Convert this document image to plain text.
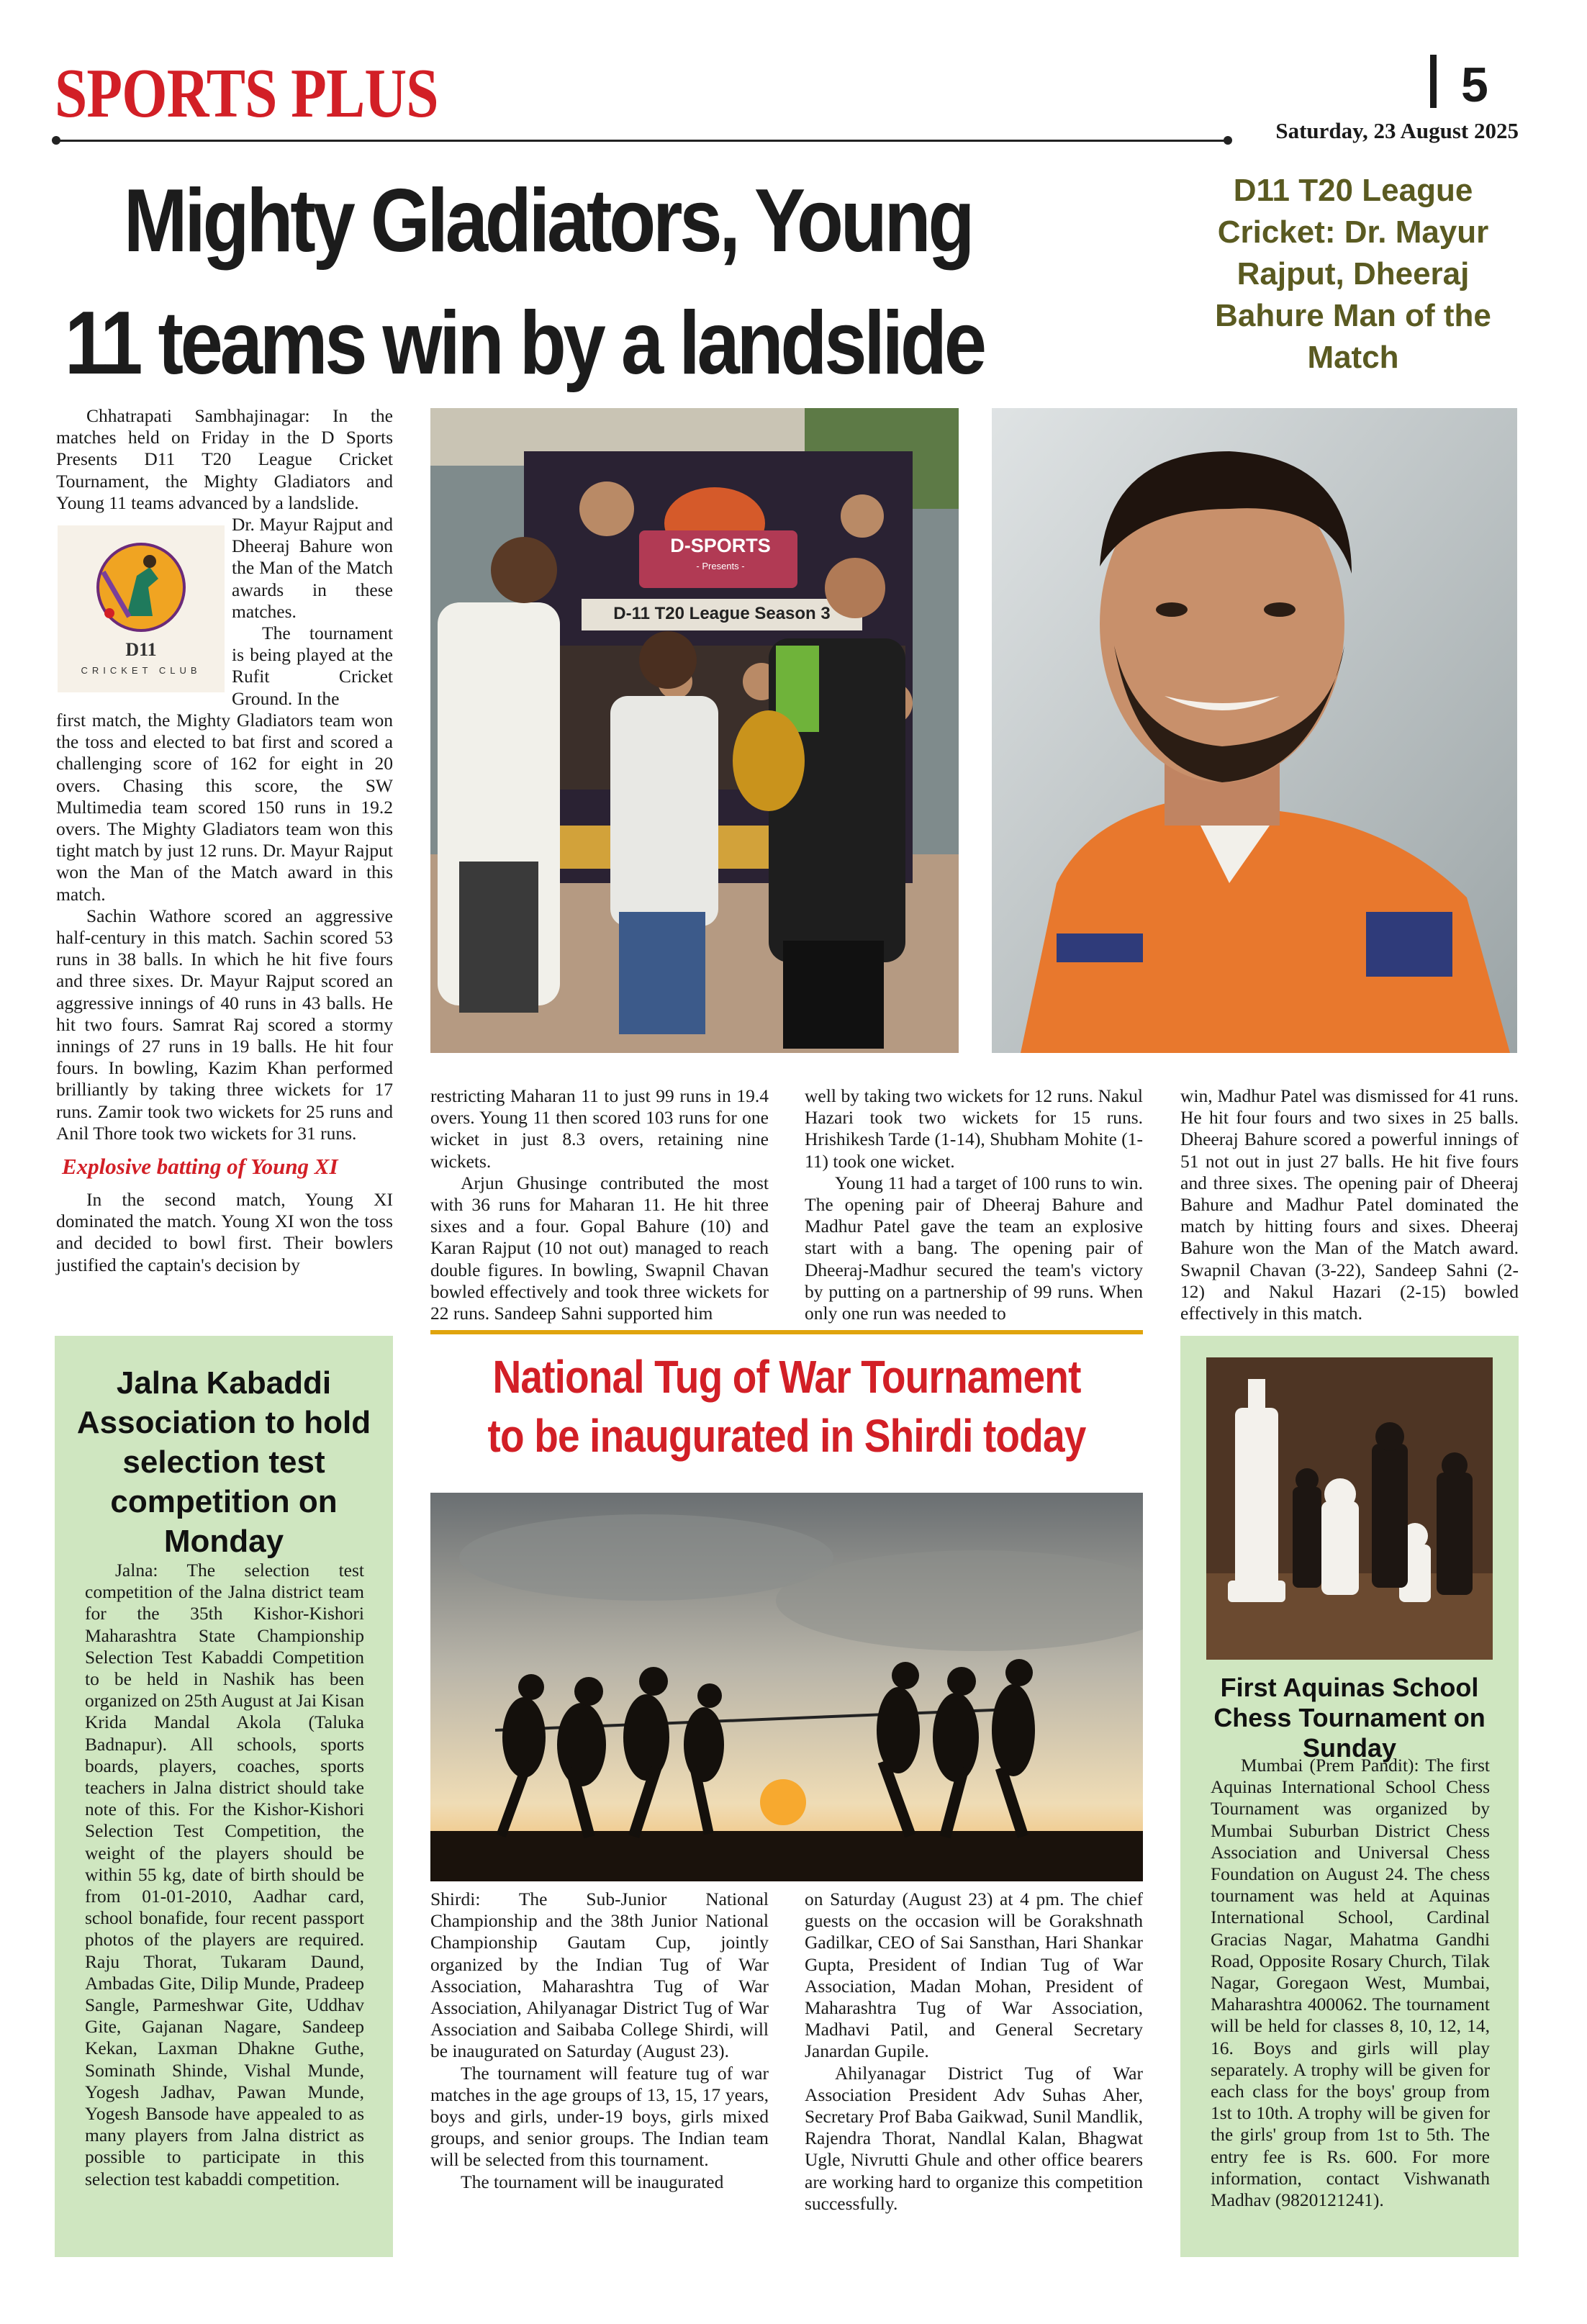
SPORTS PLUS	5
Saturday, 23 August 2025
Mighty Gladiators, Young
11 teams win by a landslide
D11 T20 League Cricket: Dr. Mayur Rajput, Dheeraj Bahure Man of the Match

Chhatrapati Sambhajinagar: In the matches held on Friday in the D Sports Presents D11 T20 League Cricket Tournament, the Mighty Gladiators and Young 11 teams advanced by a landslide.

D11
CRICKET CLUB

Dr. Mayur Rajput and Dheeraj Bahure won the Man of the Match awards in these matches.

The tournament is being played at the Rufit Cricket Ground. In the

first match, the Mighty Gladiators team won the toss and elected to bat first and scored a challenging score of 162 for eight in 20 overs. Chasing this score, the SW Multimedia team scored 150 runs in 19.2 overs. The Mighty Gladiators team won this tight match by just 12 runs. Dr. Mayur Rajput won the Man of the Match award in this match.

Sachin Wathore scored an aggressive half-century in this match. Sachin scored 53 runs in 38 balls. In which he hit five fours and three sixes. Dr. Mayur Rajput scored an aggressive innings of 40 runs in 43 balls. He hit two fours. Samrat Raj scored a stormy innings of 27 runs in 19 balls. He hit four fours. In bowling, Kazim Khan performed brilliantly by taking three wickets for 17 runs. Zamir took two wickets for 25 runs and Anil Thore took two wickets for 31 runs.

Explosive batting of Young XI

In the second match, Young XI dominated the match. Young XI won the toss and decided to bowl first. Their bowlers justified the captain's decision by

D-SPORTS
- Presents -
D-11 T20 League Season 3

restricting Maharan 11 to just 99 runs in 19.4 overs. Young 11 then scored 103 runs for one wicket in just 8.3 overs, retaining nine wickets.

Arjun Ghusinge contributed the most with 36 runs for Maharan 11. He hit three sixes and a four. Gopal Bahure (10) and Karan Rajput (10 not out) managed to reach double figures. In bowling, Swapnil Chavan bowled effectively and took three wickets for 22 runs. Sandeep Sahni supported him

well by taking two wickets for 12 runs. Nakul Hazari took two wickets for 15 runs. Hrishikesh Tarde (1-14), Shubham Mohite (1-11) took one wicket.

Young 11 had a target of 100 runs to win. The opening pair of Dheeraj Bahure and Madhur Patel gave the team an explosive start with a bang. The opening pair of Dheeraj-Madhur secured the team's victory by putting on a partnership of 99 runs. When only one run was needed to

win, Madhur Patel was dismissed for 41 runs. He hit four fours and two sixes in 25 balls. Dheeraj Bahure scored a powerful innings of 51 not out in just 27 balls. He hit five fours and three sixes. The opening pair of Dheeraj Bahure and Madhur Patel dominated the match by hitting fours and sixes. Dheeraj Bahure won the Man of the Match award. Swapnil Chavan (3-22), Sandeep Sahni (2-12) and Nakul Hazari (2-15) bowled effectively in this match.

Jalna Kabaddi Association to hold selection test competition on Monday

Jalna: The selection test competition of the Jalna district team for the 35th Kishor-Kishori Maharashtra State Championship Selection Test Kabaddi Competition to be held in Nashik has been organized on 25th August at Jai Kisan Krida Mandal Akola (Taluka Badnapur). All schools, sports boards, players, coaches, sports teachers in Jalna district should take note of this. For the Kishor-Kishori Selection Test Competition, the weight of the players should be within 55 kg, date of birth should be from 01-01-2010, Aadhar card, school bonafide, four recent passport photos of the players are required. Raju Thorat, Tukaram Daund, Ambadas Gite, Dilip Munde, Pradeep Sangle, Parmeshwar Gite, Uddhav Gite, Gajanan Nagare, Sandeep Kekan, Laxman Dhakne Guthe, Sominath Shinde, Vishal Munde, Yogesh Jadhav, Pawan Munde, Yogesh Bansode have appealed to as many players from Jalna district as possible to participate in this selection test kabaddi competition.

National Tug of War Tournament
to be inaugurated in Shirdi today

Shirdi: The Sub-Junior National Championship and the 38th Junior National Championship Gautam Cup, jointly organized by the Indian Tug of War Association, Maharashtra Tug of War Association, Ahilyanagar District Tug of War Association and Saibaba College Shirdi, will be inaugurated on Saturday (August 23).

The tournament will feature tug of war matches in the age groups of 13, 15, 17 years, boys and girls, under-19 boys, girls mixed groups, and senior groups. The Indian team will be selected from this tournament.

The tournament will be inaugurated

on Saturday (August 23) at 4 pm. The chief guests on the occasion will be Gorakshnath Gadilkar, CEO of Sai Sansthan, Hari Shankar Gupta, President of Indian Tug of War Association, Madan Mohan, President of Maharashtra Tug of War Association, Madhavi Patil, and General Secretary Janardan Gupile.

Ahilyanagar District Tug of War Association President Adv Suhas Aher, Secretary Prof Baba Gaikwad, Sunil Mandlik, Rajendra Thorat, Nandlal Kalan, Bhagwat Ugle, Nivrutti Ghule and other office bearers are working hard to organize this competition successfully.

First Aquinas School Chess Tournament on Sunday

Mumbai (Prem Pandit): The first Aquinas International School Chess Tournament was organized by Mumbai Suburban District Chess Association and Universal Chess Foundation on August 24. The chess tournament was held at Aquinas International School, Cardinal Gracias Nagar, Mahatma Gandhi Road, Opposite Rosary Church, Tilak Nagar, Goregaon West, Mumbai, Maharashtra 400062. The tournament will be held for classes 8, 10, 12, 14, 16. Boys and girls will play separately. A trophy will be given for each class for the boys' group from 1st to 10th. A trophy will be given for the girls' group from 1st to 5th. The entry fee is Rs. 600. For more information, contact Vishwanath Madhav (9820121241).
